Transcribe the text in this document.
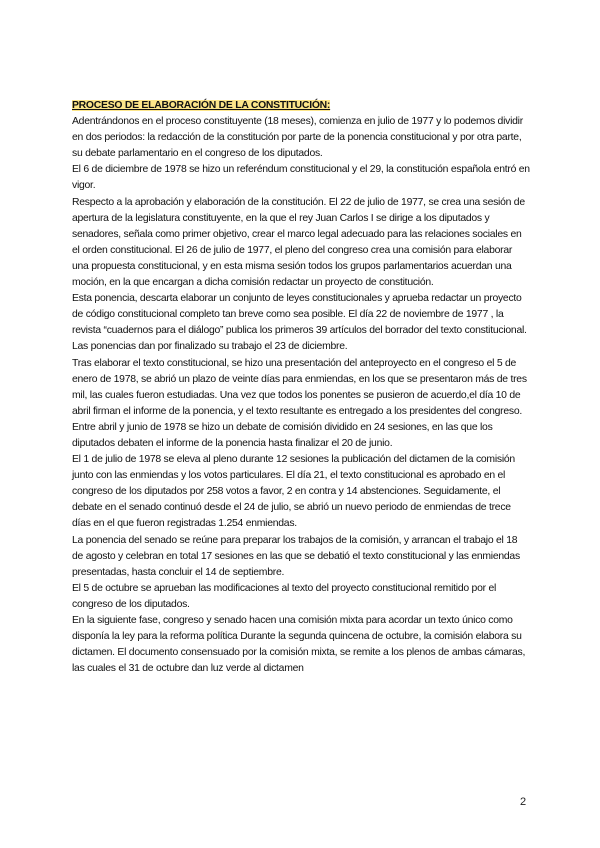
PROCESO DE ELABORACIÓN DE LA CONSTITUCIÓN:

Adentrándonos en el proceso constituyente (18 meses), comienza en julio de 1977 y lo podemos dividir en dos periodos: la redacción de la constitución por parte de la ponencia constitucional y por otra parte, su debate parlamentario en el congreso de los diputados.

El 6 de diciembre de 1978 se hizo un referéndum constitucional y el 29, la constitución española entró en vigor.

Respecto a la aprobación y elaboración de la constitución. El 22 de julio de 1977, se crea una sesión de apertura de la legislatura constituyente, en la que el rey Juan Carlos I se dirige a los diputados y senadores, señala como primer objetivo, crear el marco legal adecuado para las relaciones sociales en el orden constitucional. El 26 de julio de 1977, el pleno del congreso crea una comisión para elaborar una propuesta constitucional, y en esta misma sesión todos los grupos parlamentarios acuerdan una moción, en la que encargan a dicha comisión redactar un proyecto de constitución.

Esta ponencia, descarta elaborar un conjunto de leyes constitucionales y aprueba redactar un proyecto de código constitucional completo tan breve como sea posible. El día 22 de noviembre de 1977 , la revista “cuadernos para el diálogo” publica los primeros 39 artículos del borrador del texto constitucional. Las ponencias dan por finalizado su trabajo el 23 de diciembre.

Tras elaborar el texto constitucional, se hizo una presentación del anteproyecto en el congreso el 5 de enero de 1978, se abrió un plazo de veinte días para enmiendas, en los que se presentaron más de tres mil, las cuales fueron estudiadas. Una vez que todos los ponentes se pusieron de acuerdo,el día 10 de abril firman el informe de la ponencia, y el texto resultante es entregado a los presidentes del congreso. Entre abril y junio de 1978 se hizo un debate de comisión dividido en 24 sesiones, en las que los diputados debaten el informe de la ponencia hasta finalizar el 20 de junio.

El 1 de julio de 1978 se eleva al pleno durante 12 sesiones la publicación del dictamen de la comisión junto con las enmiendas y los votos particulares. El día 21, el texto constitucional es aprobado en el congreso de los diputados por 258 votos a favor, 2 en contra y 14 abstenciones. Seguidamente, el debate en el senado continuó desde el 24 de julio, se abrió un nuevo periodo de enmiendas de trece días en el que fueron registradas 1.254 enmiendas.

La ponencia del senado se reúne para preparar los trabajos de la comisión, y arrancan el trabajo el 18 de agosto y celebran en total 17 sesiones en las que se debatió el texto constitucional y las enmiendas presentadas, hasta concluir el 14 de septiembre.

El 5 de octubre se aprueban las modificaciones al texto del proyecto constitucional remitido por el congreso de los diputados.

En la siguiente fase, congreso y senado hacen una comisión mixta para acordar un texto único como disponía la ley para la reforma política Durante la segunda quincena de octubre, la comisión elabora su dictamen. El documento consensuado por la comisión mixta, se remite a los plenos de ambas cámaras, las cuales el 31 de octubre dan luz verde al dictamen

2
